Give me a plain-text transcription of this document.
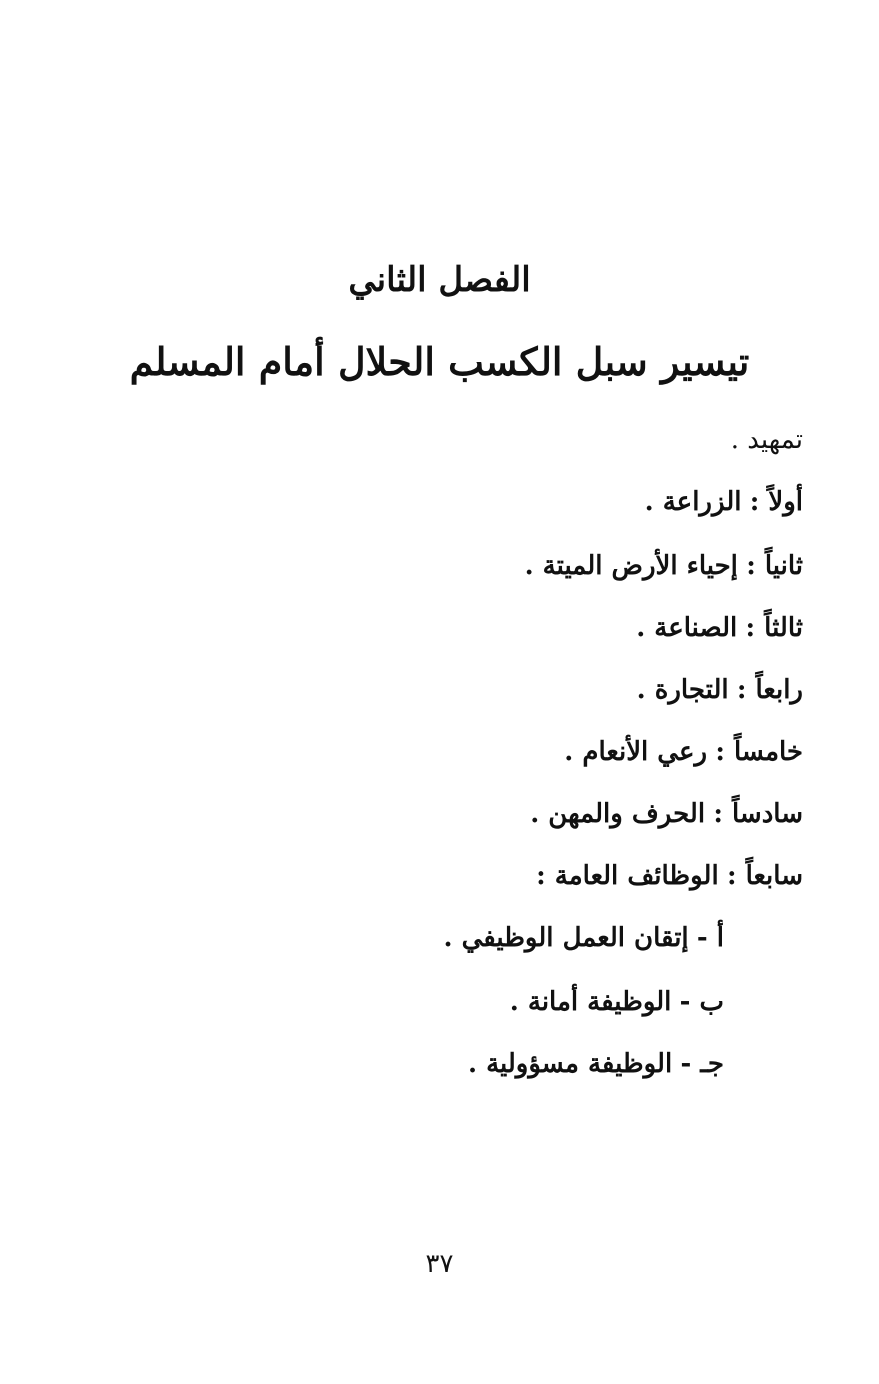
الفصل الثاني
تيسير سبل الكسب الحلال أمام المسلم
تمهيد .
أولاً : الزراعة .
ثانياً : إحياء الأرض الميتة .
ثالثاً : الصناعة .
رابعاً : التجارة .
خامساً : رعي الأنعام .
سادساً : الحرف والمهن .
سابعاً : الوظائف العامة :
أ - إتقان العمل الوظيفي .
ب - الوظيفة أمانة .
جـ - الوظيفة مسؤولية .
٣٧
